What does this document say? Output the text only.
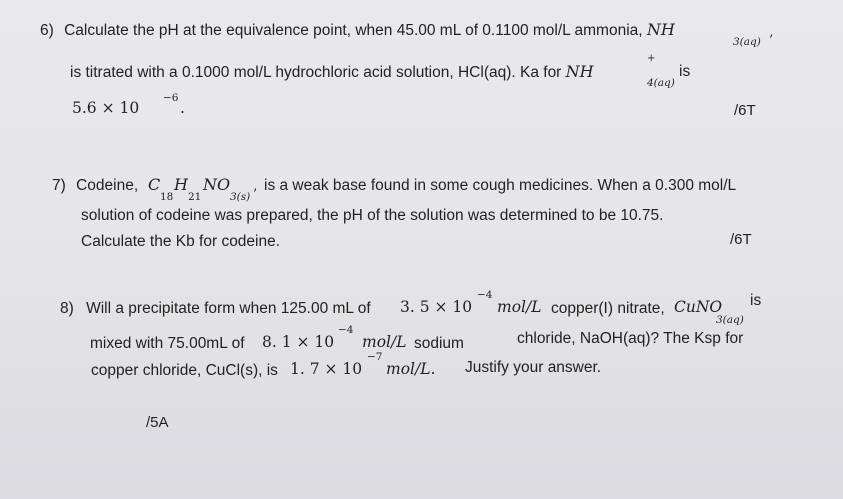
6) Calculate the pH at the equivalence point, when 45.00 mL of 0.1100 mol/L ammonia, NH
3(aq) ’
is titrated with a 0.1000 mol/L hydrochloric acid solution, HCl(aq). Ka for NH
+
4(aq)
is
5.6 × 10
−6
.	/6T
7) Codeine, C
18
H
21
NO
3(s) ’
is a weak base found in some cough medicines. When a 0.300 mol/L
solution of codeine was prepared, the pH of the solution was determined to be 10.75.
Calculate the Kb for codeine.	/6T
8) Will a precipitate form when 125.00 mL of 3. 5 × 10
−4
mol/L copper(I) nitrate, CuNO
3(aq)
is
mixed with 75.00mL of 8. 1 × 10
−4
mol/L sodium	chloride, NaOH(aq)? The Ksp for
copper chloride, CuCl(s), is 1. 7 × 10
−7
mol/L. Justify your answer.
/5A
